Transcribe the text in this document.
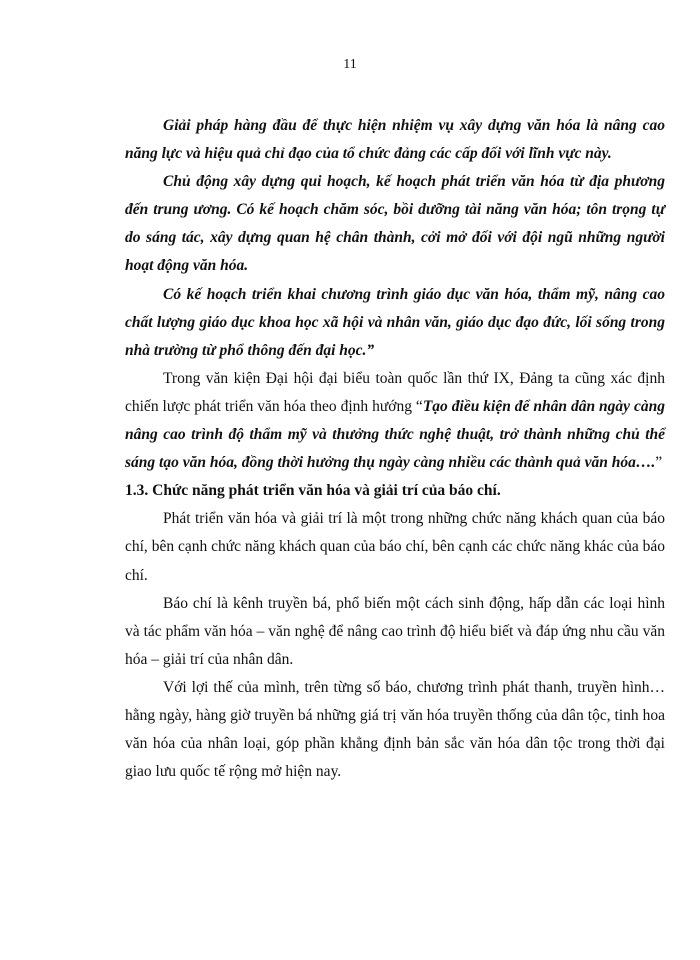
11

Giải pháp hàng đầu để thực hiện nhiệm vụ xây dựng văn hóa là nâng cao năng lực và hiệu quả chỉ đạo của tổ chức đảng các cấp đối với lĩnh vực này.

Chủ động xây dựng qui hoạch, kế hoạch phát triển văn hóa từ địa phương đến trung ương. Có kế hoạch chăm sóc, bồi dưỡng tài năng văn hóa; tôn trọng tự do sáng tác, xây dựng quan hệ chân thành, cởi mở đối với đội ngũ những người hoạt động văn hóa.

Có kế hoạch triển khai chương trình giáo dục văn hóa, thẩm mỹ, nâng cao chất lượng giáo dục khoa học xã hội và nhân văn, giáo dục đạo đức, lối sống trong nhà trường từ phổ thông đến đại học.”

Trong văn kiện Đại hội đại biểu toàn quốc lần thứ IX, Đảng ta cũng xác định chiến lược phát triển văn hóa theo định hướng “Tạo điều kiện để nhân dân ngày càng nâng cao trình độ thẩm mỹ và thưởng thức nghệ thuật, trở thành những chủ thể sáng tạo văn hóa, đồng thời hưởng thụ ngày càng nhiều các thành quả văn hóa….”

1.3. Chức năng phát triển văn hóa và giải trí của báo chí.

Phát triển văn hóa và giải trí là một trong những chức năng khách quan của báo chí, bên cạnh chức năng khách quan của báo chí, bên cạnh các chức năng khác của báo chí.

Báo chí là kênh truyền bá, phổ biến một cách sinh động, hấp dẫn các loại hình và tác phẩm văn hóa – văn nghệ để nâng cao trình độ hiểu biết và đáp ứng nhu cầu văn hóa – giải trí của nhân dân.

Với lợi thế của mình, trên từng số báo, chương trình phát thanh, truyền hình… hằng ngày, hàng giờ truyền bá những giá trị văn hóa truyền thống của dân tộc, tinh hoa văn hóa của nhân loại, góp phần khẳng định bản sắc văn hóa dân tộc trong thời đại giao lưu quốc tế rộng mở hiện nay.
